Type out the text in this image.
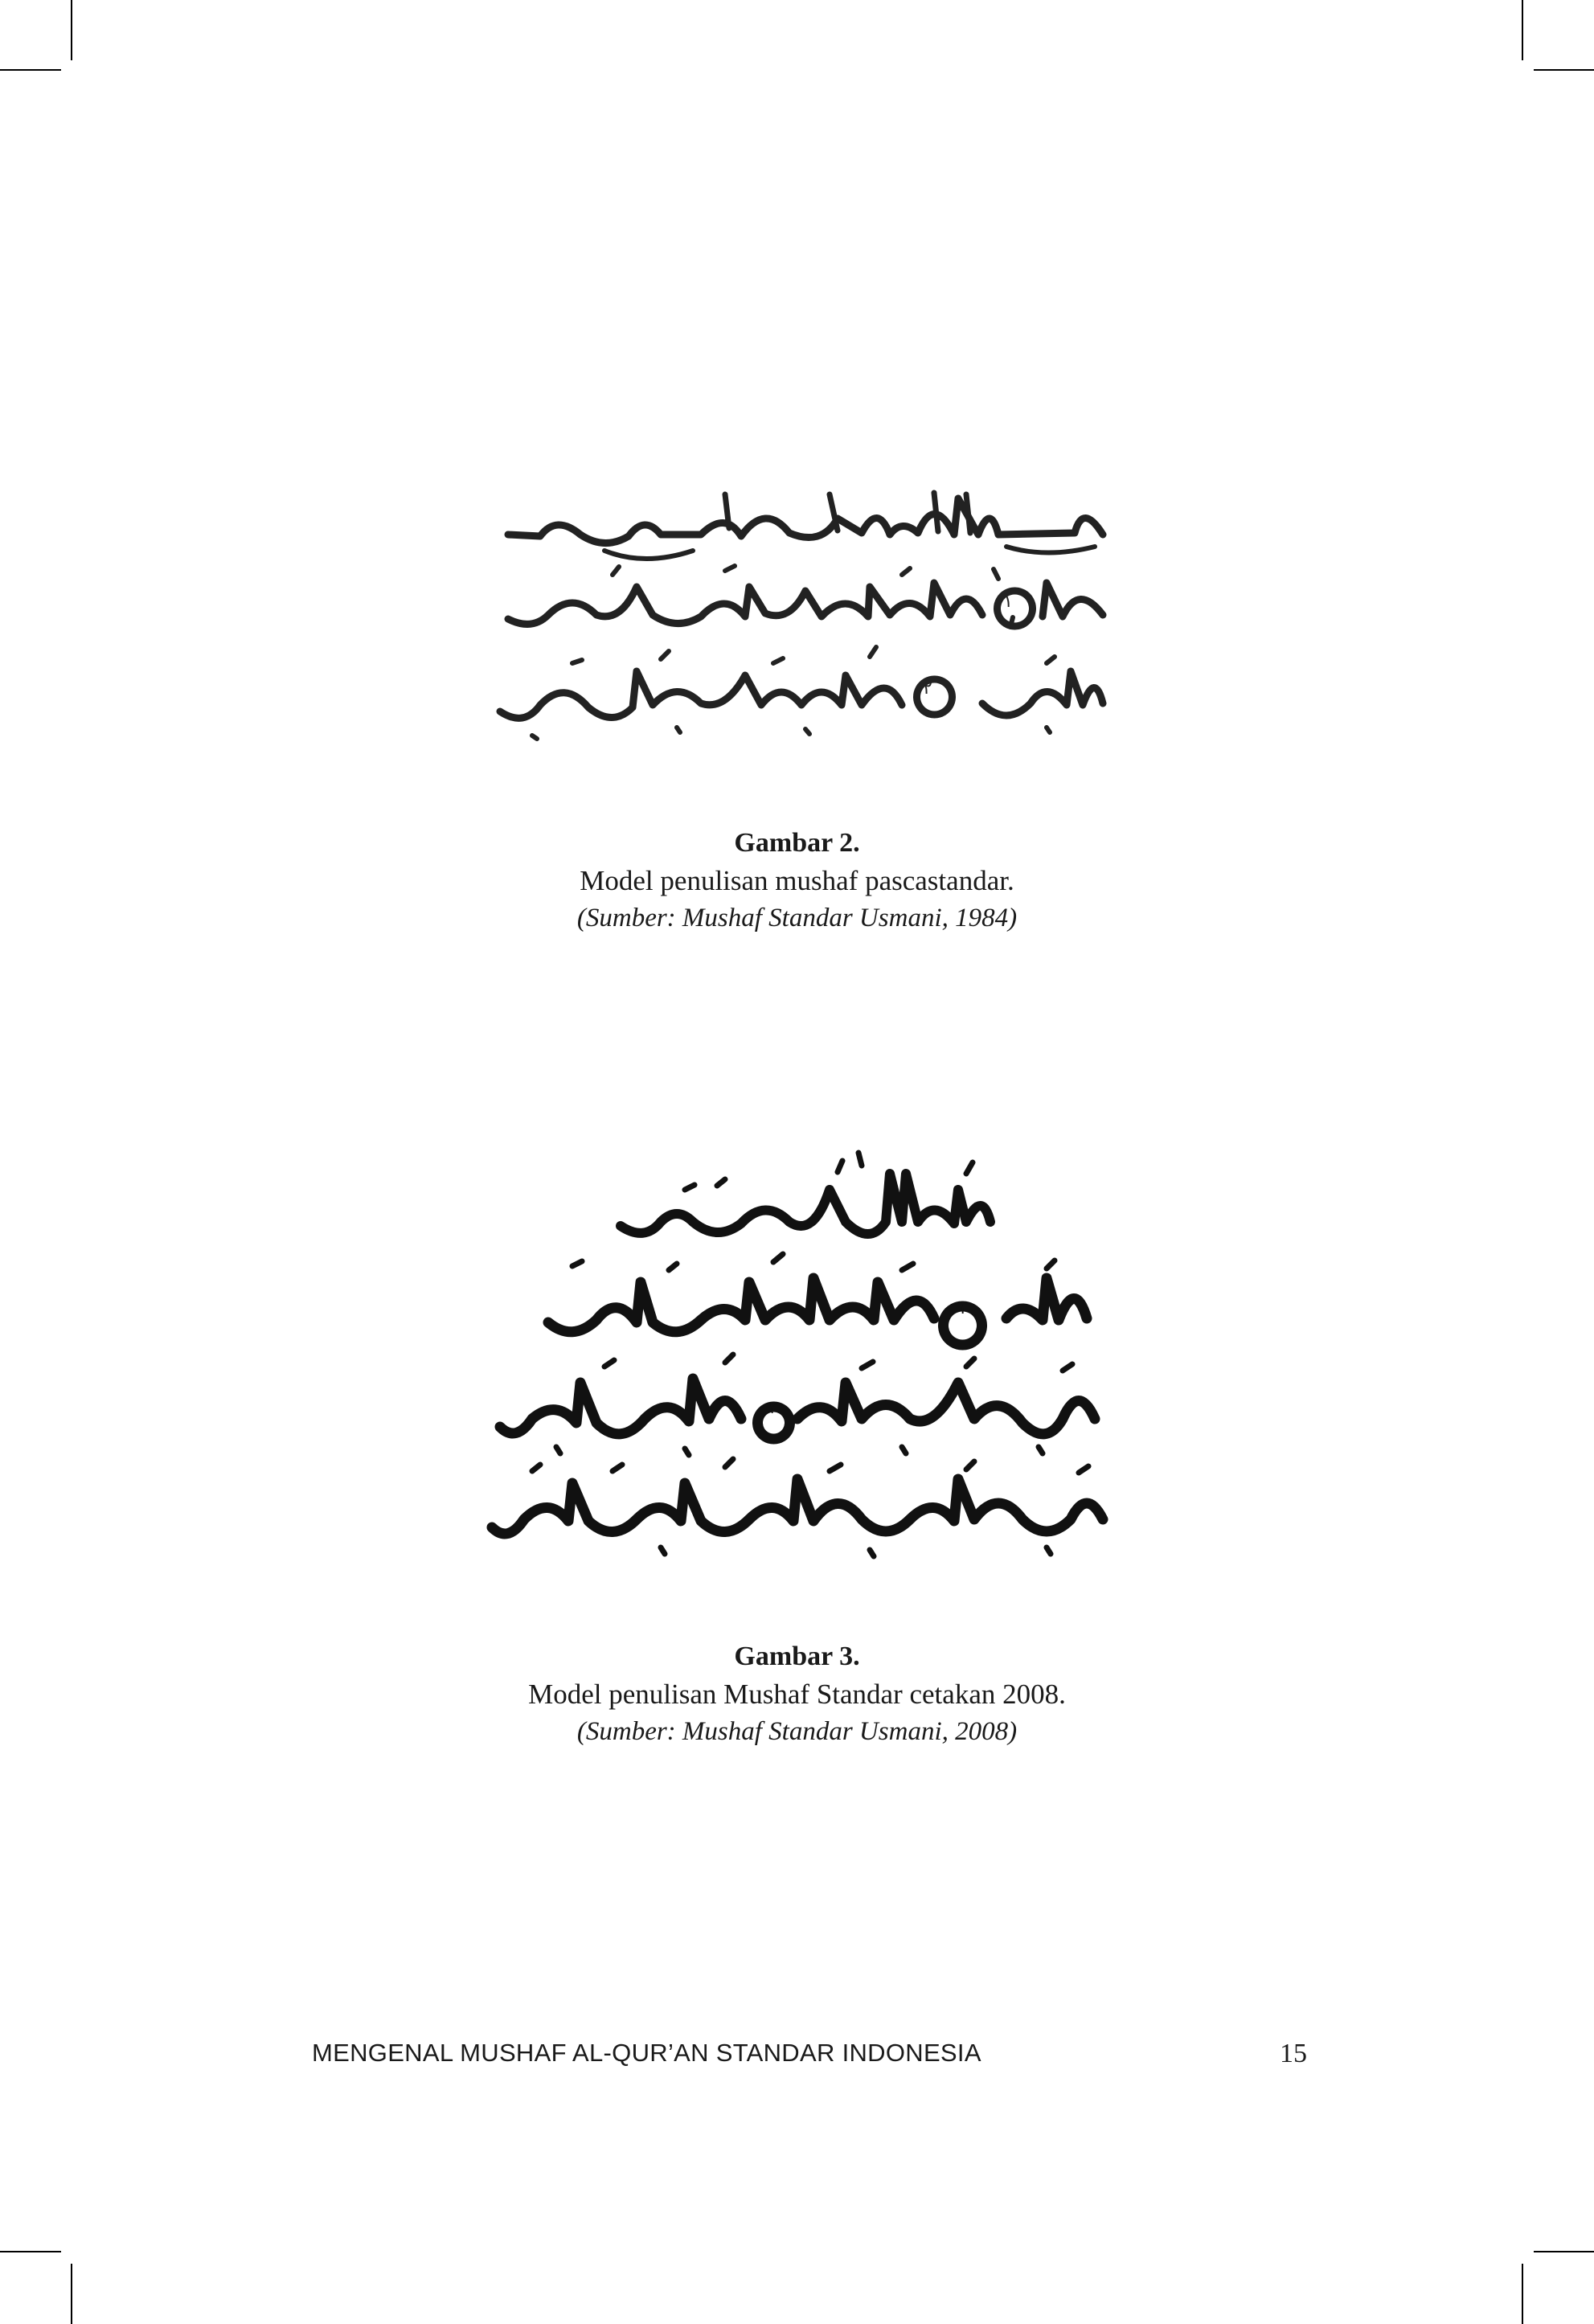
٢
١
Gambar 2.
Model penulisan mushaf pascastandar.
(Sumber: Mushaf Standar Usmani, 1984)
١
٢
Gambar 3.
Model penulisan Mushaf Standar cetakan 2008.
(Sumber: Mushaf Standar Usmani, 2008)
MENGENAL MUSHAF AL-QUR’AN STANDAR INDONESIA	15
